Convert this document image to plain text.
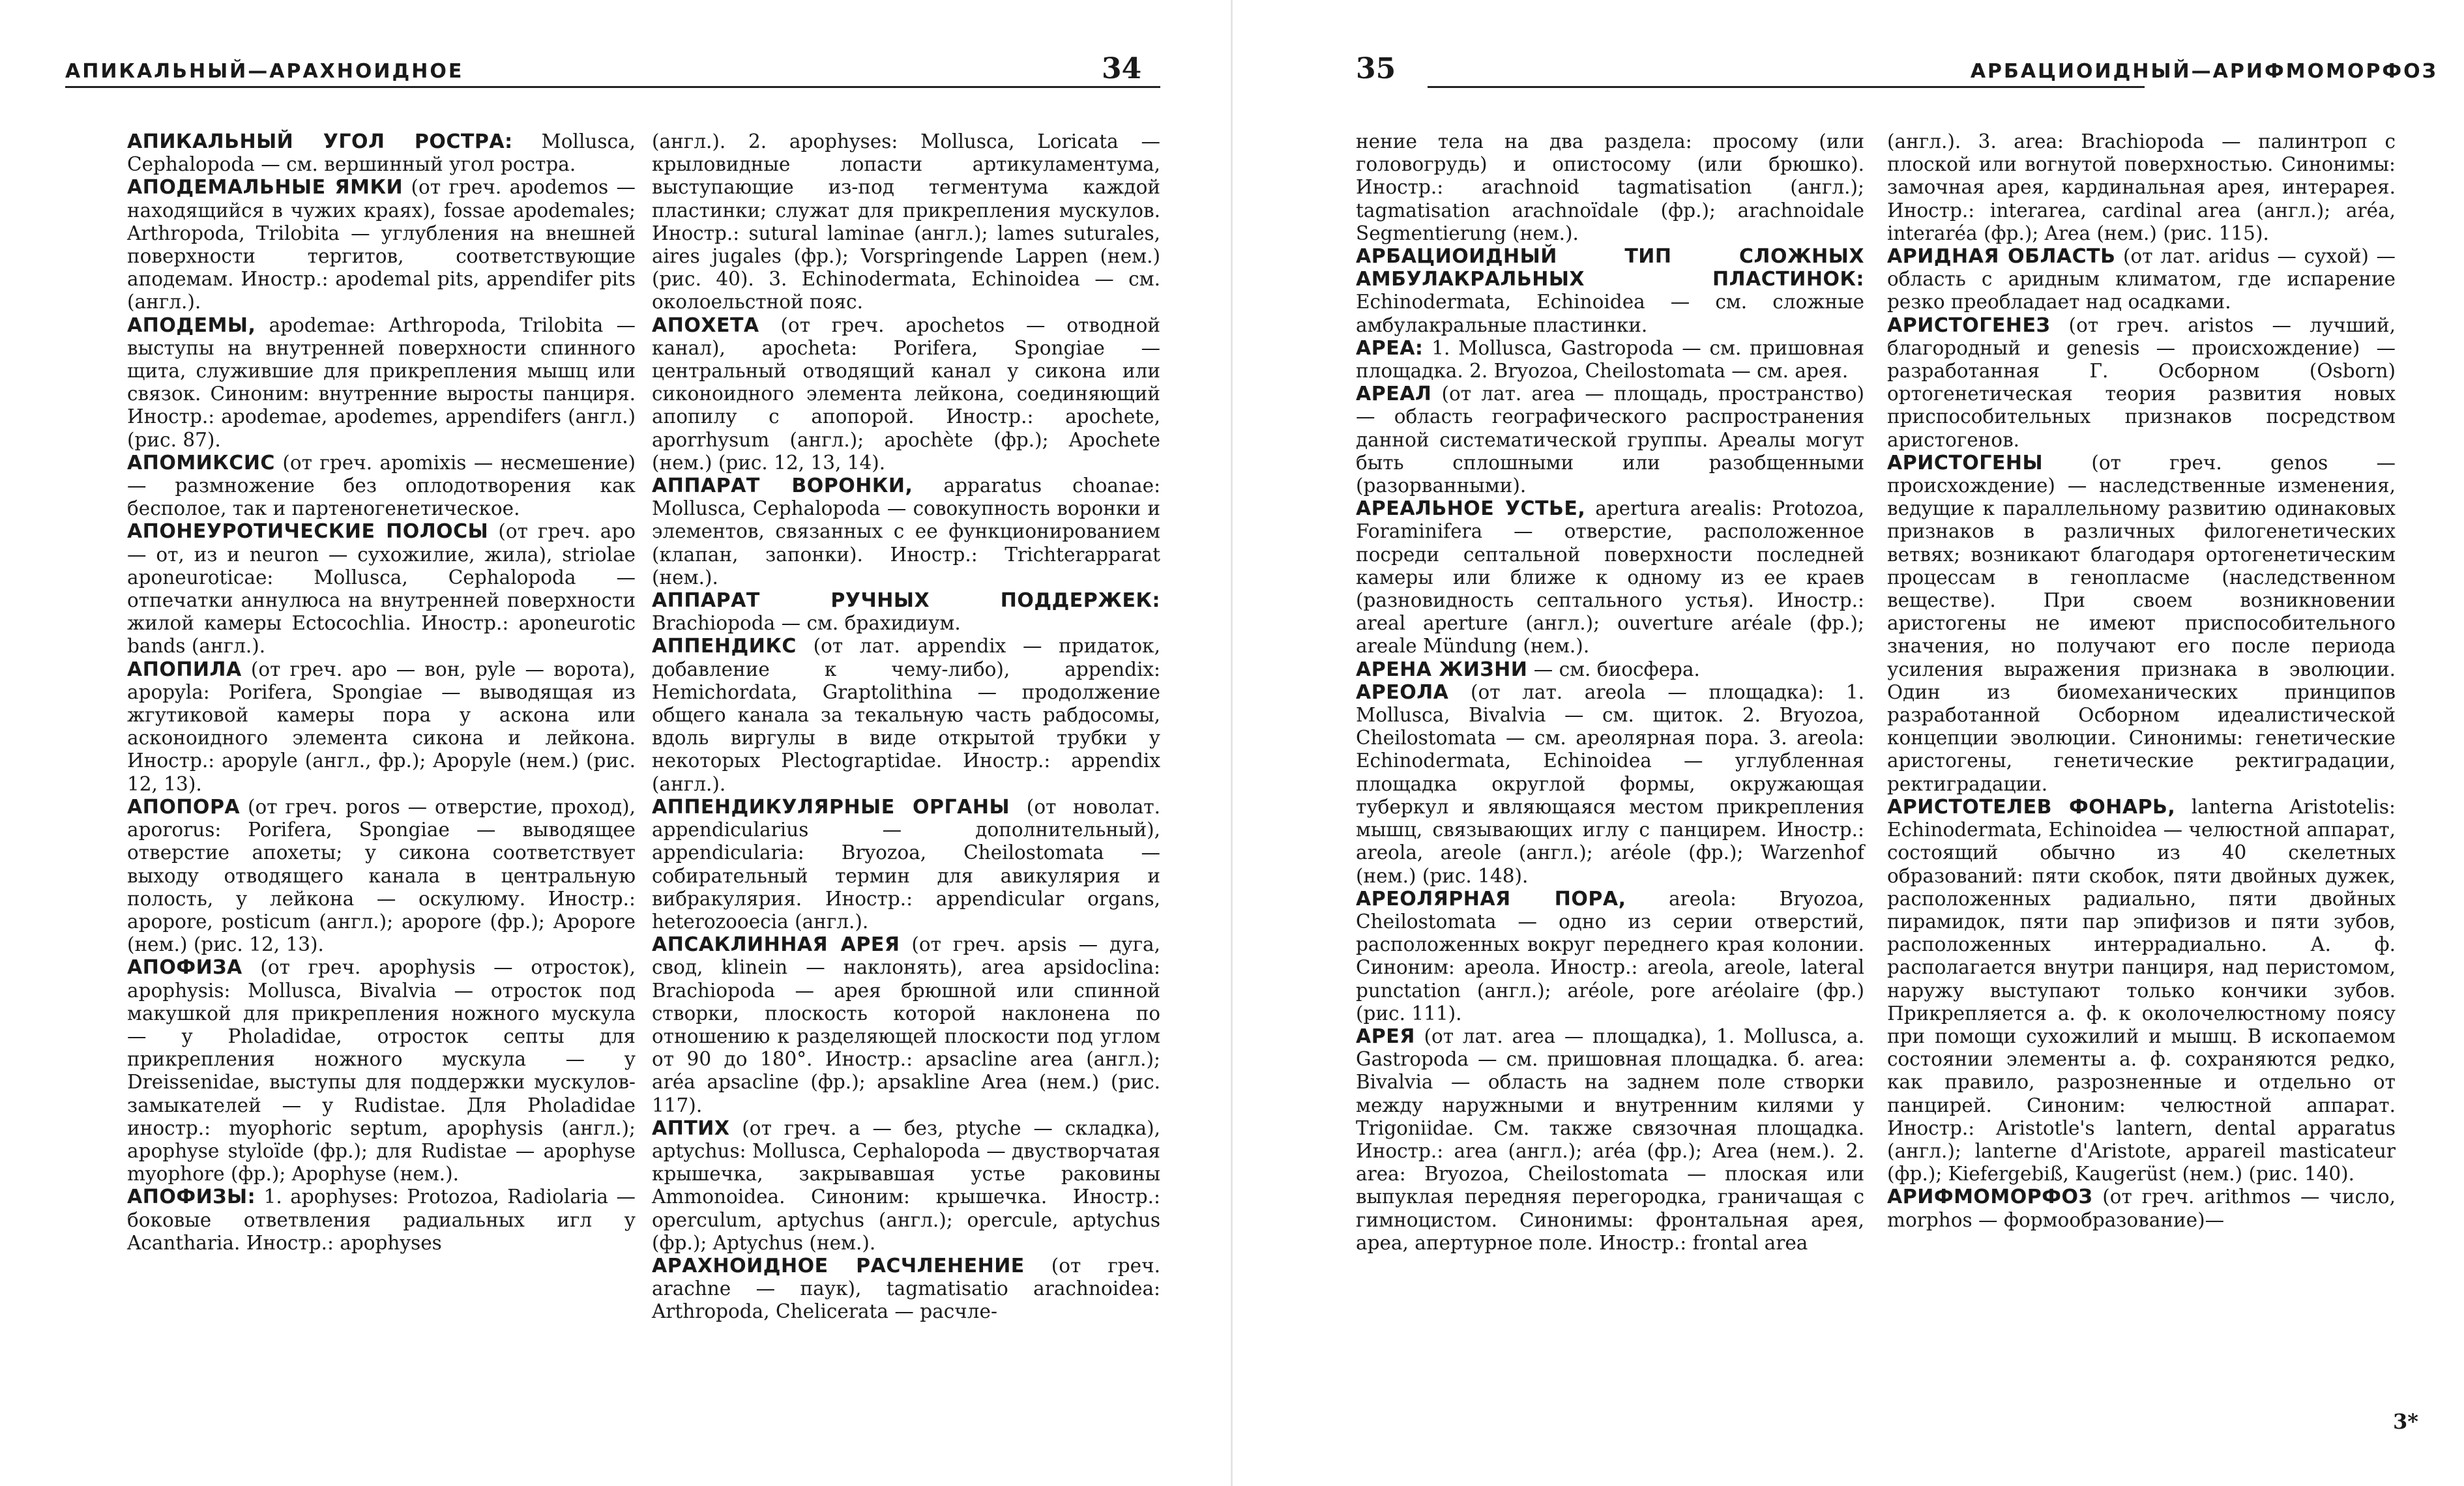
АПИКАЛЬНЫЙ—АРАХНОИДНОЕ	34

АПИКАЛЬНЫЙ УГОЛ РОСТРА: Mollusca, Cephalopoda — см. вершинный угол ростра.

АПОДЕМАЛЬНЫЕ ЯМКИ (от греч. apodemos — находящийся в чужих краях), fossae apodemales; Arthropoda, Trilobita — углубления на внешней поверхности тергитов, соответствующие аподемам. Иностр.: apodemal pits, appendifer pits (англ.).

АПОДЕМЫ, apodemae: Arthropoda, Trilobita — выступы на внутренней поверхности спинного щита, служившие для прикрепления мышц или связок. Синоним: внутренние выросты панциря. Иностр.: apodemae, apodemes, appendifers (англ.) (рис. 87).

АПОМИКСИС (от греч. apomixis — несмешение) — размножение без оплодотворения как бесполое, так и партеногенетическое.

АПОНЕУРОТИЧЕСКИЕ ПОЛОСЫ (от греч. apo — от, из и neuron — сухожилие, жила), striolae aponeuroticae: Mollusca, Cephalopoda — отпечатки аннулюса на внутренней поверхности жилой камеры Ectocochlia. Иностр.: aponeurotic bands (англ.).

АПОПИЛА (от греч. apo — вон, pyle — ворота), apopyla: Porifera, Spongiae — выводящая из жгутиковой камеры пора у аскона или асконоидного элемента сикона и лейкона. Иностр.: apopyle (англ., фр.); Apopyle (нем.) (рис. 12, 13).

АПОПОРА (от греч. poros — отверстие, проход), apororus: Porifera, Spongiae — выводящее отверстие апохеты; у сикона соответствует выходу отводящего канала в центральную полость, у лейкона — оскулюму. Иностр.: apopore, posticum (англ.); apopore (фр.); Apopore (нем.) (рис. 12, 13).

АПОФИЗА (от греч. apophysis — отросток), apophysis: Mollusca, Bivalvia — отросток под макушкой для прикрепления ножного мускула — у Pholadidae, отросток септы для прикрепления ножного мускула — у Dreissenidae, выступы для поддержки мускулов-замыкателей — у Rudistae. Для Pholadidae иностр.: myophoric septum, apophysis (англ.); apophyse styloïde (фр.); для Rudistae — apophyse myophore (фр.); Apophyse (нем.).

АПОФИЗЫ: 1. apophyses: Protozoa, Radiolaria — боковые ответвления радиальных игл у Acantharia. Иностр.: apophyses

(англ.). 2. apophyses: Mollusca, Loricata — крыловидные лопасти артикуламентума, выступающие из-под тегментума каждой пластинки; служат для прикрепления мускулов. Иностр.: sutural laminae (англ.); lames suturales, aires jugales (фр.); Vorspringende Lappen (нем.) (рис. 40). 3. Echinodermata, Echinoidea — см. околоельстной пояс.

АПОХЕТА (от греч. apochetos — отводной канал), apocheta: Porifera, Spongiae — центральный отводящий канал у сикона или сиконоидного элемента лейкона, соединяющий апопилу с апопорой. Иностр.: apochete, aporrhysum (англ.); apochète (фр.); Apochete (нем.) (рис. 12, 13, 14).

АППАРАТ ВОРОНКИ, apparatus choanae: Mollusca, Cephalopoda — совокупность воронки и элементов, связанных с ее функционированием (клапан, запонки). Иностр.: Trichterapparat (нем.).

АППАРАТ РУЧНЫХ ПОДДЕРЖЕК: Brachiopoda — см. брахидиум.

АППЕНДИКС (от лат. appendix — придаток, добавление к чему-либо), appendix: Hemichordata, Graptolithina — продолжение общего канала за текальную часть рабдосомы, вдоль виргулы в виде открытой трубки у некоторых Plectograptidae. Иностр.: appendix (англ.).

АППЕНДИКУЛЯРНЫЕ ОРГАНЫ (от новолат. appendicularius — дополнительный), appendicularia: Bryozoa, Cheilostomata — собирательный термин для авикулярия и вибракулярия. Иностр.: appendicular organs, heterozooecia (англ.).

АПСАКЛИННАЯ АРЕЯ (от греч. apsis — дуга, свод, klinein — наклонять), area apsidoclina: Brachiopoda — арея брюшной или спинной створки, плоскость которой наклонена по отношению к разделяющей плоскости под углом от 90 до 180°. Иностр.: apsacline area (англ.); aréa apsacline (фр.); apsakline Area (нем.) (рис. 117).

АПТИХ (от греч. a — без, ptyche — складка), aptychus: Mollusca, Cephalopoda — двустворчатая крышечка, закрывавшая устье раковины Ammonoidea. Синоним: крышечка. Иностр.: operculum, aptychus (англ.); opercule, aptychus (фр.); Aptychus (нем.).

АРАХНОИДНОЕ РАСЧЛЕНЕНИЕ (от греч. arachne — паук), tagmatisatio arachnoidea: Arthropoda, Chelicerata — расчле-

35	АРБАЦИОИДНЫЙ—АРИФМОМОРФОЗ

нение тела на два раздела: просому (или головогрудь) и опистосому (или брюшко). Иностр.: arachnoid tagmatisation (англ.); tagmatisation arachnoïdale (фр.); arachnoidale Segmentierung (нем.).

АРБАЦИОИДНЫЙ ТИП СЛОЖНЫХ АМБУЛАКРАЛЬНЫХ ПЛАСТИНОК: Echinodermata, Echinoidea — см. сложные амбулакральные пластинки.

АРЕА: 1. Mollusca, Gastropoda — см. пришовная площадка. 2. Bryozoa, Cheilostomata — см. арея.

АРЕАЛ (от лат. area — площадь, пространство) — область географического распространения данной систематической группы. Ареалы могут быть сплошными или разобщенными (разорванными).

АРЕАЛЬНОЕ УСТЬЕ, apertura arealis: Protozoa, Foraminifera — отверстие, расположенное посреди септальной поверхности последней камеры или ближе к одному из ее краев (разновидность септального устья). Иностр.: areal aperture (англ.); ouverture aréale (фр.); areale Mündung (нем.).

АРЕНА ЖИЗНИ — см. биосфера.

АРЕОЛА (от лат. areola — площадка): 1. Mollusca, Bivalvia — см. щиток. 2. Bryozoa, Cheilostomata — см. ареолярная пора. 3. areola: Echinodermata, Echinoidea — углубленная площадка округлой формы, окружающая туберкул и являющаяся местом прикрепления мышц, связывающих иглу с панцирем. Иностр.: areola, areole (англ.); aréole (фр.); Warzenhof (нем.) (рис. 148).

АРЕОЛЯРНАЯ ПОРА, areola: Bryozoa, Cheilostomata — одно из серии отверстий, расположенных вокруг переднего края колонии. Синоним: ареола. Иностр.: areola, areole, lateral punctation (англ.); aréole, pore aréolaire (фр.) (рис. 111).

АРЕЯ (от лат. area — площадка), 1. Mollusca, а. Gastropoda — см. пришовная площадка. б. area: Bivalvia — область на заднем поле створки между наружными и внутренним килями у Trigoniidae. См. также связочная площадка. Иностр.: area (англ.); aréa (фр.); Area (нем.). 2. area: Bryozoa, Cheilostomata — плоская или выпуклая передняя перегородка, граничащая с гимноцистом. Синонимы: фронтальная арея, ареа, апертурное поле. Иностр.: frontal area

(англ.). 3. area: Brachiopoda — палинтроп с плоской или вогнутой поверхностью. Синонимы: замочная арея, кардинальная арея, интерарея. Иностр.: interarea, cardinal area (англ.); aréa, interaréa (фр.); Area (нем.) (рис. 115).

АРИДНАЯ ОБЛАСТЬ (от лат. aridus — сухой) — область с аридным климатом, где испарение резко преобладает над осадками.

АРИСТОГЕНЕЗ (от греч. aristos — лучший, благородный и genesis — происхождение) — разработанная Г. Осборном (Osborn) ортогенетическая теория развития новых приспособительных признаков посредством аристогенов.

АРИСТОГЕНЫ (от греч. genos — происхождение) — наследственные изменения, ведущие к параллельному развитию одинаковых признаков в различных филогенетических ветвях; возникают благодаря ортогенетическим процессам в генопласме (наследственном веществе). При своем возникновении аристогены не имеют приспособительного значения, но получают его после периода усиления выражения признака в эволюции. Один из биомеханических принципов разработанной Осборном идеалистической концепции эволюции. Синонимы: генетические аристогены, генетические ректиградации, ректиградации.

АРИСТОТЕЛЕВ ФОНАРЬ, lanterna Aristotelis: Echinodermata, Echinoidea — челюстной аппарат, состоящий обычно из 40 скелетных образований: пяти скобок, пяти двойных дужек, расположенных радиально, пяти двойных пирамидок, пяти пар эпифизов и пяти зубов, расположенных интеррадиально. А. ф. располагается внутри панциря, над перистомом, наружу выступают только кончики зубов. Прикрепляется а. ф. к околочелюстному поясу при помощи сухожилий и мышц. В ископаемом состоянии элементы а. ф. сохраняются редко, как правило, разрозненные и отдельно от панцирей. Синоним: челюстной аппарат. Иностр.: Aristotle's lantern, dental apparatus (англ.); lanterne d'Aristote, appareil masticateur (фр.); Kiefergebiß, Kaugerüst (нем.) (рис. 140).

АРИФМОМОРФОЗ (от греч. arithmos — число, morphos — формообразование)—

3*
